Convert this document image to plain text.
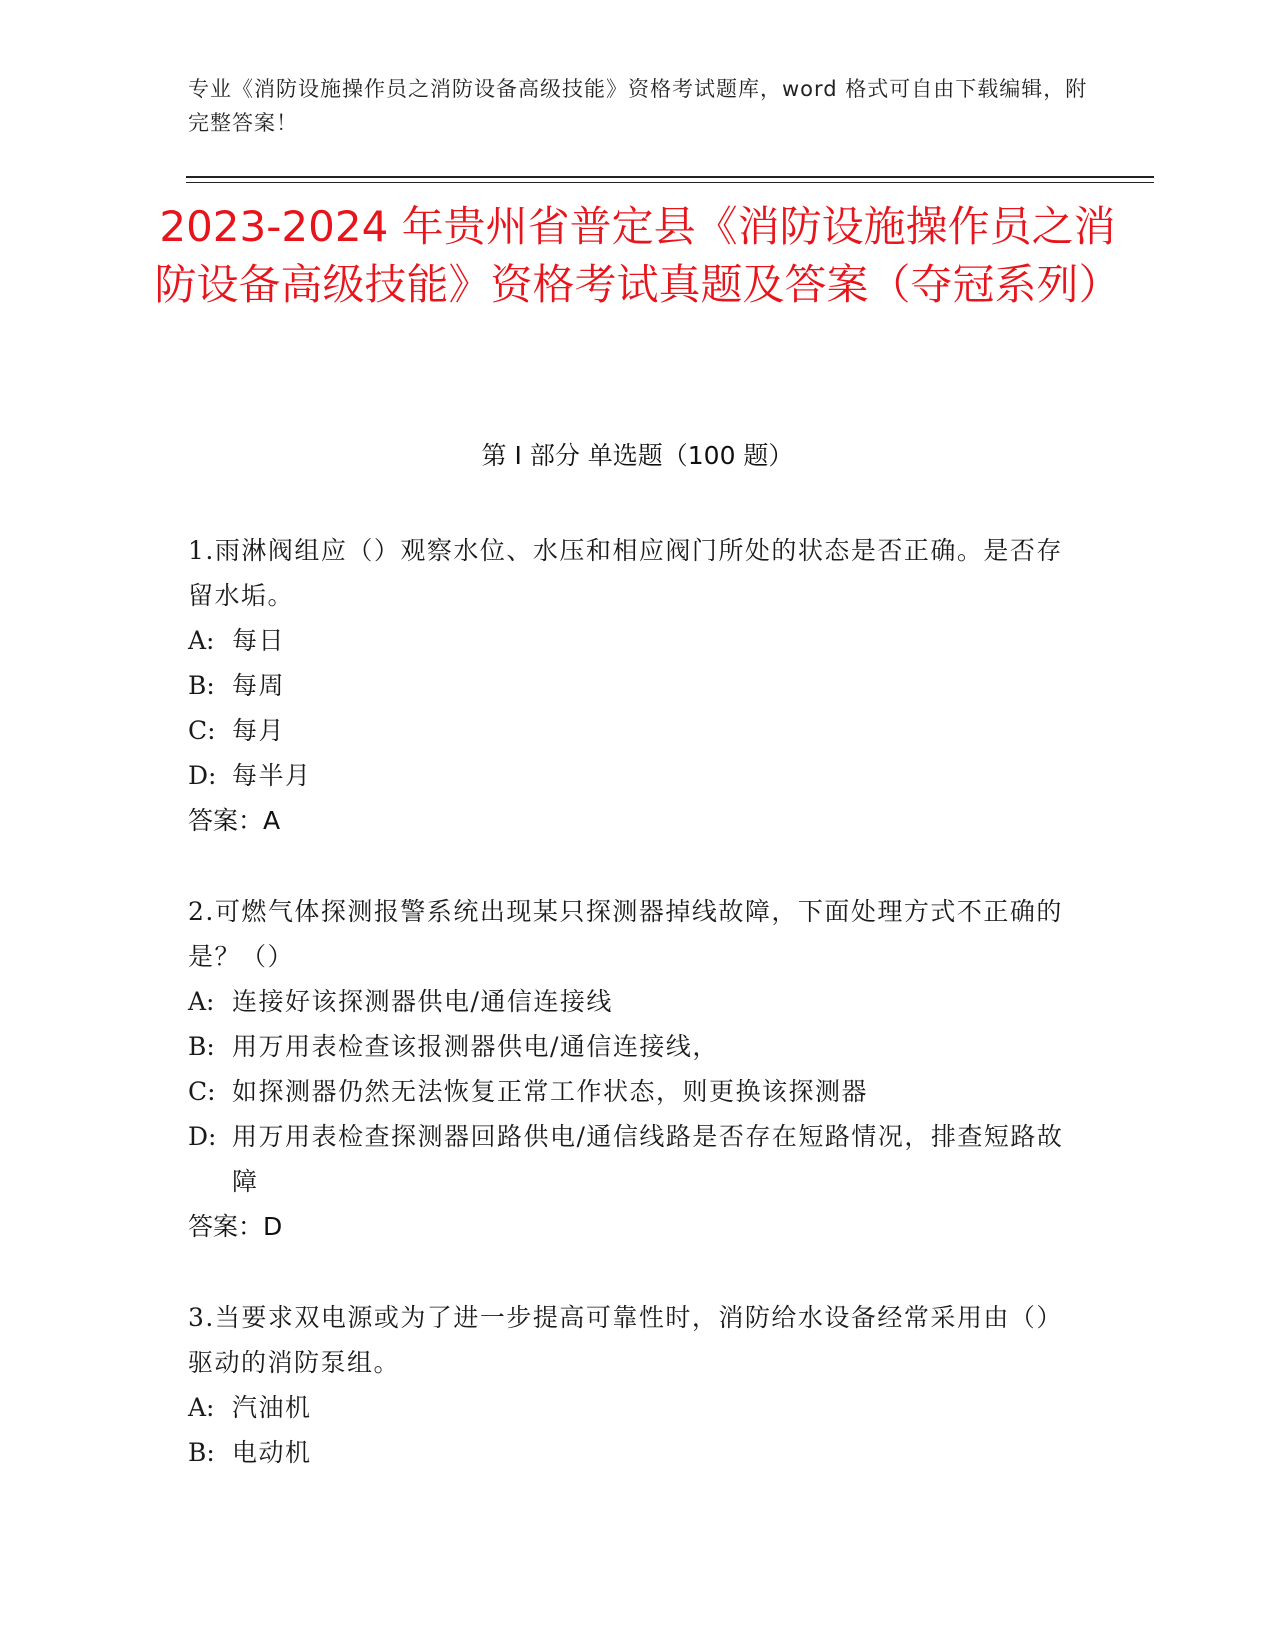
专业《消防设施操作员之消防设备高级技能》资格考试题库，word 格式可自由下载编辑，附完整答案！
2023-2024 年贵州省普定县《消防设施操作员之消防设备高级技能》资格考试真题及答案（夺冠系列）
第 I 部分 单选题（100 题）
1.雨淋阀组应（）观察水位、水压和相应阀门所处的状态是否正确。是否存留水垢。
A: 每日
B: 每周
C: 每月
D: 每半月
答案：A
2.可燃气体探测报警系统出现某只探测器掉线故障，下面处理方式不正确的是？（）
A: 连接好该探测器供电/通信连接线
B: 用万用表检查该报测器供电/通信连接线，
C: 如探测器仍然无法恢复正常工作状态，则更换该探测器
D: 用万用表检查探测器回路供电/通信线路是否存在短路情况，排查短路故障
答案：D
3.当要求双电源或为了进一步提高可靠性时，消防给水设备经常采用由（）驱动的消防泵组。
A: 汽油机
B: 电动机
